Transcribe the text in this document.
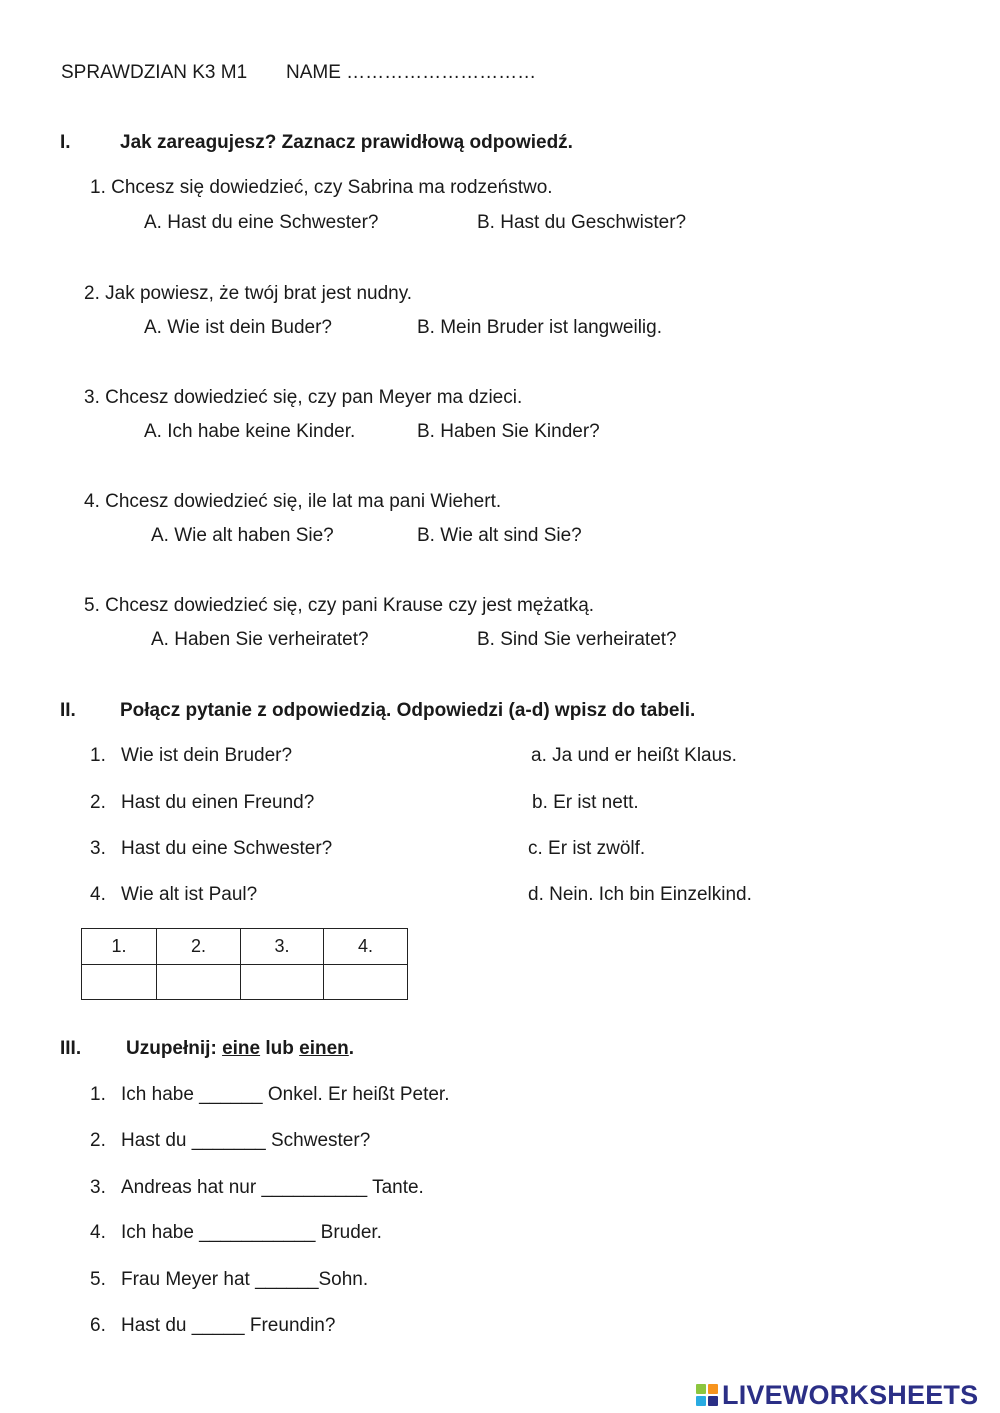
SPRAWDZIAN K3 M1 NAME …………………………
I.	Jak zareagujesz? Zaznacz prawidłową odpowiedź.
1. Chcesz się dowiedzieć, czy Sabrina ma rodzeństwo.
A. Hast du eine Schwester?	B. Hast du Geschwister?
2. Jak powiesz, że twój brat jest nudny.
A. Wie ist dein Buder?	B. Mein Bruder ist langweilig.
3. Chcesz dowiedzieć się, czy pan Meyer ma dzieci.
A. Ich habe keine Kinder.	B. Haben Sie Kinder?
4. Chcesz dowiedzieć się, ile lat ma pani Wiehert.
A. Wie alt haben Sie?	B. Wie alt sind Sie?
5. Chcesz dowiedzieć się, czy pani Krause czy jest mężatką.
A. Haben Sie verheiratet?	B. Sind Sie verheiratet?
II. Połącz pytanie z odpowiedzią. Odpowiedzi (a-d) wpisz do tabeli.
1. Wie ist dein Bruder?	a. Ja und er heißt Klaus.
2. Hast du einen Freund?	b. Er ist nett.
3. Hast du eine Schwester?	c. Er ist zwölf.
4. Wie alt ist Paul?	d. Nein. Ich bin Einzelkind.
1.	2.	3.	4.

III. Uzupełnij: eine lub einen.
1. Ich habe ______ Onkel. Er heißt Peter.
2. Hast du _______ Schwester?
3. Andreas hat nur __________ Tante.
4. Ich habe ___________ Bruder.
5. Frau Meyer hat ______Sohn.
6. Hast du _____ Freundin?
LIVEWORKSHEETS
